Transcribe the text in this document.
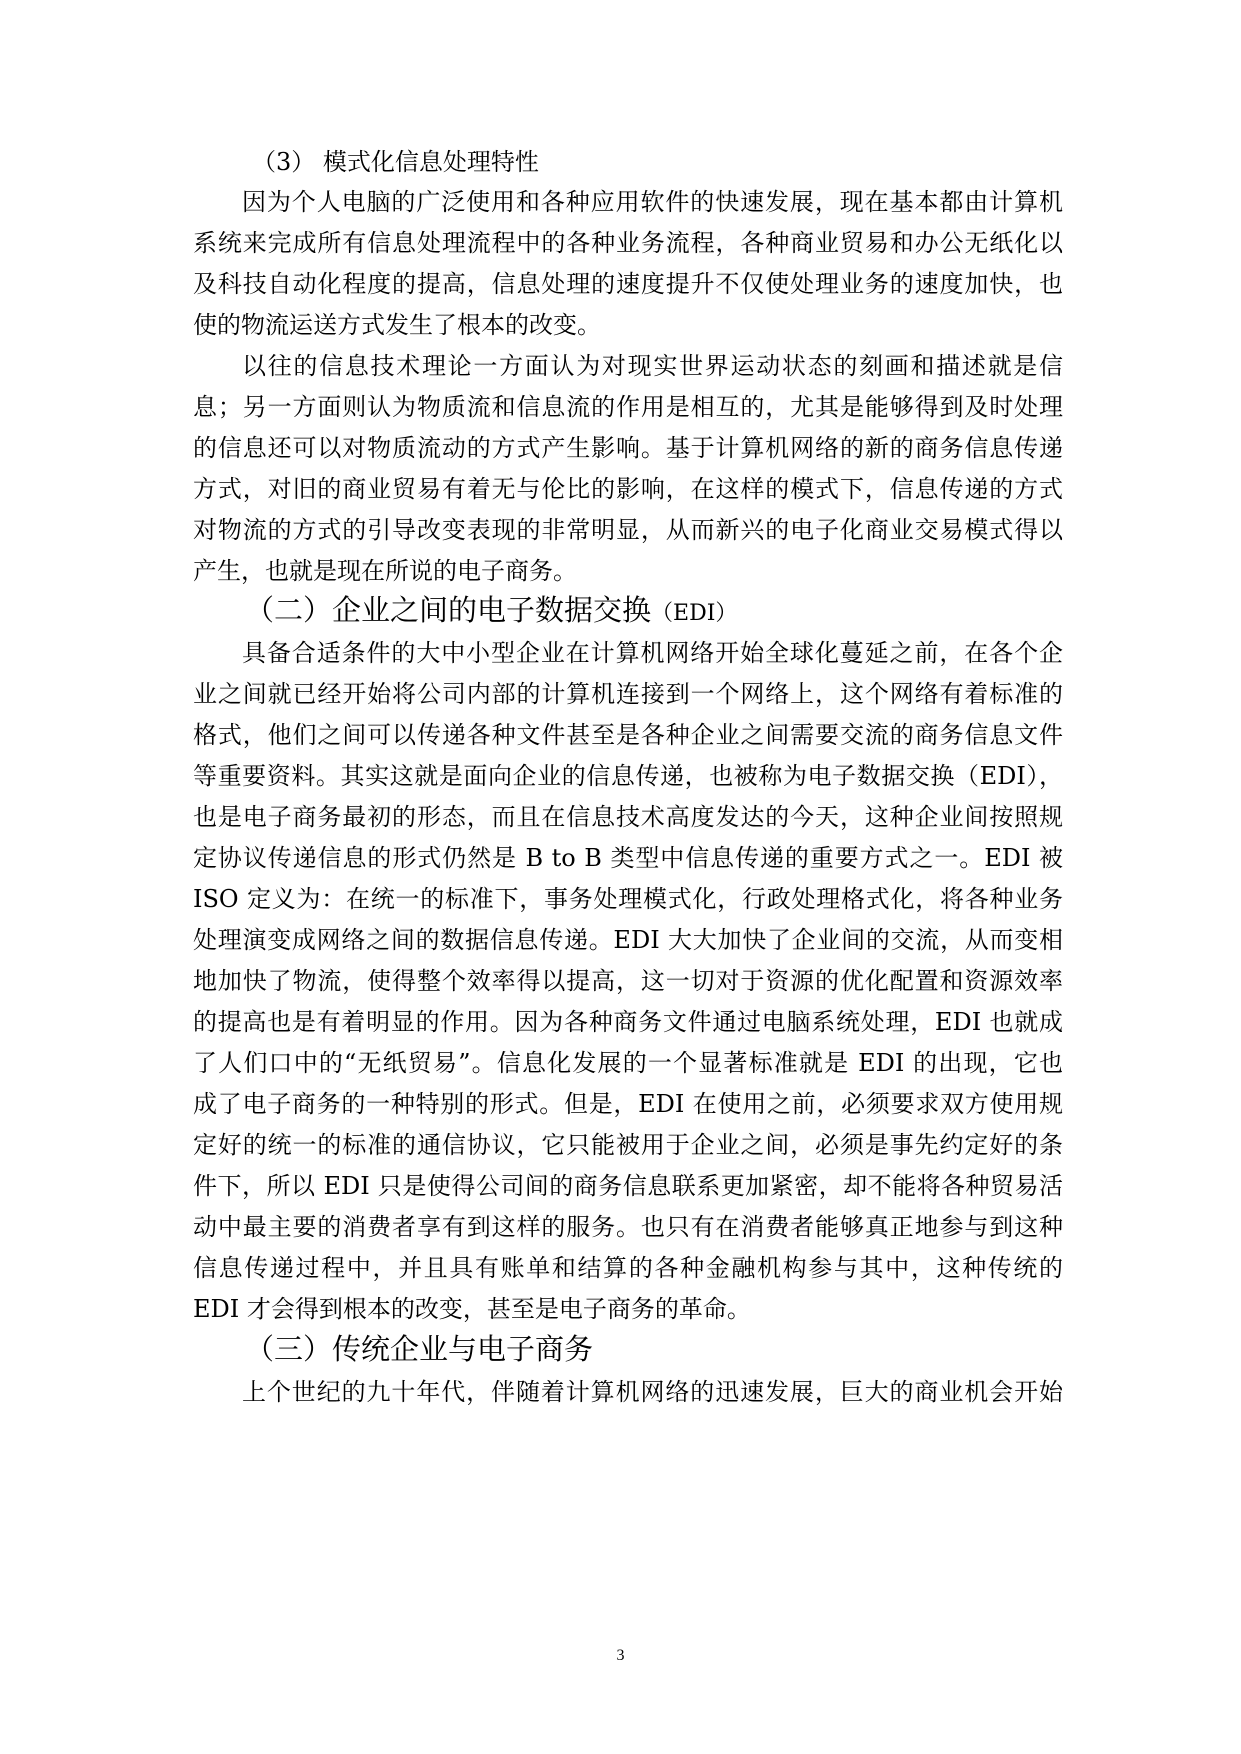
（3） 模式化信息处理特性
因为个人电脑的广泛使用和各种应用软件的快速发展，现在基本都由计算机
系统来完成所有信息处理流程中的各种业务流程，各种商业贸易和办公无纸化以
及科技自动化程度的提高，信息处理的速度提升不仅使处理业务的速度加快，也
使的物流运送方式发生了根本的改变。
以往的信息技术理论一方面认为对现实世界运动状态的刻画和描述就是信
息；另一方面则认为物质流和信息流的作用是相互的，尤其是能够得到及时处理
的信息还可以对物质流动的方式产生影响。基于计算机网络的新的商务信息传递
方式，对旧的商业贸易有着无与伦比的影响，在这样的模式下，信息传递的方式
对物流的方式的引导改变表现的非常明显，从而新兴的电子化商业交易模式得以
产生，也就是现在所说的电子商务。
（二）企业之间的电子数据交换（EDI）
具备合适条件的大中小型企业在计算机网络开始全球化蔓延之前，在各个企
业之间就已经开始将公司内部的计算机连接到一个网络上，这个网络有着标准的
格式，他们之间可以传递各种文件甚至是各种企业之间需要交流的商务信息文件
等重要资料。其实这就是面向企业的信息传递，也被称为电子数据交换（EDI），
也是电子商务最初的形态，而且在信息技术高度发达的今天，这种企业间按照规
定协议传递信息的形式仍然是 B to B 类型中信息传递的重要方式之一。EDI 被
ISO 定义为：在统一的标准下，事务处理模式化，行政处理格式化，将各种业务
处理演变成网络之间的数据信息传递。EDI 大大加快了企业间的交流，从而变相
地加快了物流，使得整个效率得以提高，这一切对于资源的优化配置和资源效率
的提高也是有着明显的作用。因为各种商务文件通过电脑系统处理，EDI 也就成
了人们口中的“无纸贸易”。信息化发展的一个显著标准就是 EDI 的出现，它也
成了电子商务的一种特别的形式。但是，EDI 在使用之前，必须要求双方使用规
定好的统一的标准的通信协议，它只能被用于企业之间，必须是事先约定好的条
件下，所以 EDI 只是使得公司间的商务信息联系更加紧密，却不能将各种贸易活
动中最主要的消费者享有到这样的服务。也只有在消费者能够真正地参与到这种
信息传递过程中，并且具有账单和结算的各种金融机构参与其中，这种传统的
EDI 才会得到根本的改变，甚至是电子商务的革命。
（三）传统企业与电子商务
上个世纪的九十年代，伴随着计算机网络的迅速发展，巨大的商业机会开始
3
